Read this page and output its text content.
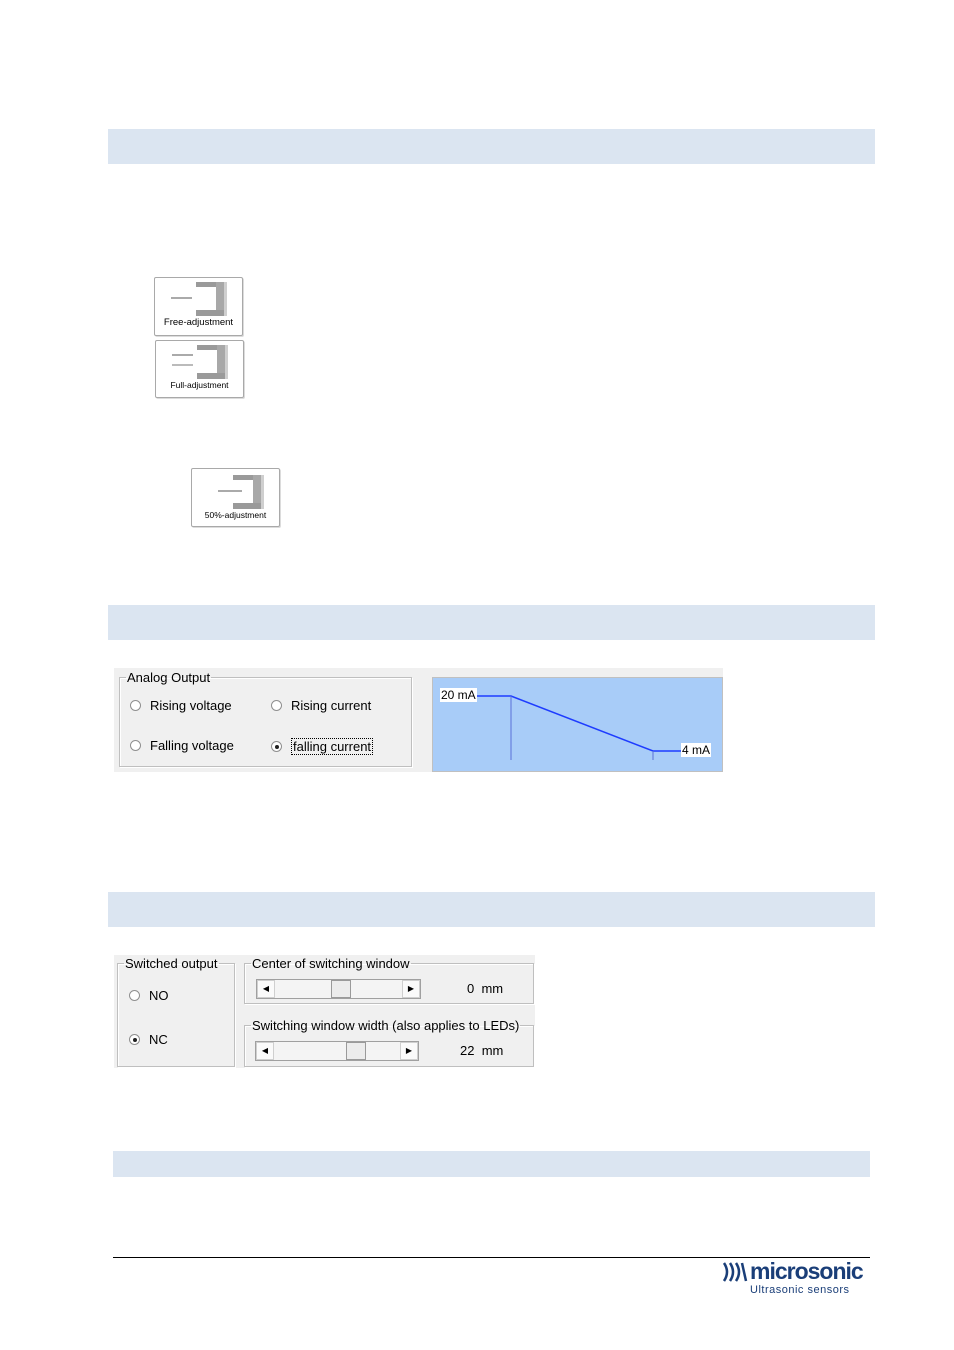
Free-adjustment
Full-adjustment
50%-adjustment
Analog Output
Rising voltage	Rising current
Falling voltage	falling current
20 mA
4 mA
Switched output
NO
NC
Center of switching window
◀	▶	0 mm
Switching window width (also applies to LEDs)
◀	▶	22 mm
microsonic
Ultrasonic sensors
